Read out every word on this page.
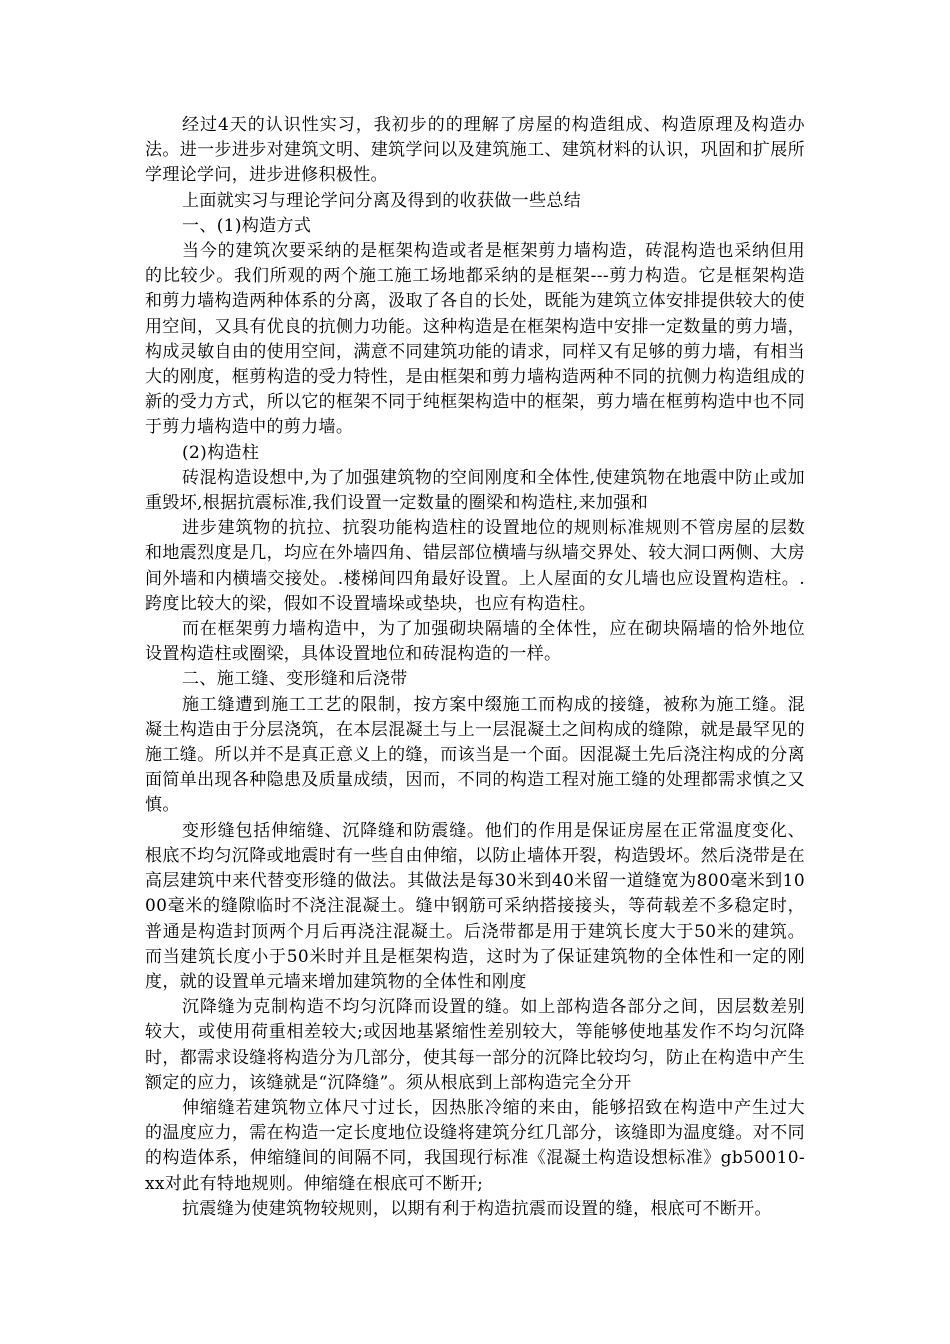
经过4天的认识性实习，我初步的的理解了房屋的构造组成、构造原理及构造办法。进一步进步对建筑文明、建筑学问以及建筑施工、建筑材料的认识，巩固和扩展所学理论学问，进步进修积极性。

上面就实习与理论学问分离及得到的收获做一些总结

一、(1)构造方式

当今的建筑次要采纳的是框架构造或者是框架剪力墙构造，砖混构造也采纳但用的比较少。我们所观的两个施工施工场地都采纳的是框架---剪力构造。它是框架构造和剪力墙构造两种体系的分离，汲取了各自的长处，既能为建筑立体安排提供较大的使用空间，又具有优良的抗侧力功能。这种构造是在框架构造中安排一定数量的剪力墙，构成灵敏自由的使用空间，满意不同建筑功能的请求，同样又有足够的剪力墙，有相当大的刚度，框剪构造的受力特性，是由框架和剪力墙构造两种不同的抗侧力构造组成的新的受力方式，所以它的框架不同于纯框架构造中的框架，剪力墙在框剪构造中也不同于剪力墙构造中的剪力墙。

(2)构造柱

砖混构造设想中,为了加强建筑物的空间刚度和全体性,使建筑物在地震中防止或加重毁坏,根据抗震标准,我们设置一定数量的圈梁和构造柱,来加强和

进步建筑物的抗拉、抗裂功能构造柱的设置地位的规则标准规则不管房屋的层数和地震烈度是几，均应在外墙四角、错层部位横墙与纵墙交界处、较大洞口两侧、大房间外墙和内横墙交接处。.楼梯间四角最好设置。上人屋面的女儿墙也应设置构造柱。.跨度比较大的梁，假如不设置墙垛或垫块，也应有构造柱。

而在框架剪力墙构造中，为了加强砌块隔墙的全体性，应在砌块隔墙的恰外地位设置构造柱或圈梁，具体设置地位和砖混构造的一样。

二、施工缝、变形缝和后浇带

施工缝遭到施工工艺的限制，按方案中缀施工而构成的接缝，被称为施工缝。混凝土构造由于分层浇筑，在本层混凝土与上一层混凝土之间构成的缝隙，就是最罕见的施工缝。所以并不是真正意义上的缝，而该当是一个面。因混凝土先后浇注构成的分离面简单出现各种隐患及质量成绩，因而，不同的构造工程对施工缝的处理都需求慎之又慎。

变形缝包括伸缩缝、沉降缝和防震缝。他们的作用是保证房屋在正常温度变化、根底不均匀沉降或地震时有一些自由伸缩，以防止墙体开裂，构造毁坏。然后浇带是在高层建筑中来代替变形缝的做法。其做法是每30米到40米留一道缝宽为800毫米到1000毫米的缝隙临时不浇注混凝土。缝中钢筋可采纳搭接接头，等荷载差不多稳定时，普通是构造封顶两个月后再浇注混凝土。后浇带都是用于建筑长度大于50米的建筑。而当建筑长度小于50米时并且是框架构造，这时为了保证建筑物的全体性和一定的刚度，就的设置单元墙来增加建筑物的全体性和刚度

沉降缝为克制构造不均匀沉降而设置的缝。如上部构造各部分之间，因层数差别较大，或使用荷重相差较大;或因地基紧缩性差别较大，等能够使地基发作不均匀沉降时，都需求设缝将构造分为几部分，使其每一部分的沉降比较均匀，防止在构造中产生额定的应力，该缝就是“沉降缝”。须从根底到上部构造完全分开

伸缩缝若建筑物立体尺寸过长，因热胀冷缩的来由，能够招致在构造中产生过大的温度应力，需在构造一定长度地位设缝将建筑分红几部分，该缝即为温度缝。对不同的构造体系，伸缩缝间的间隔不同，我国现行标准《混凝土构造设想标准》gb50010-xx对此有特地规则。伸缩缝在根底可不断开;

抗震缝为使建筑物较规则，以期有利于构造抗震而设置的缝，根底可不断开。
